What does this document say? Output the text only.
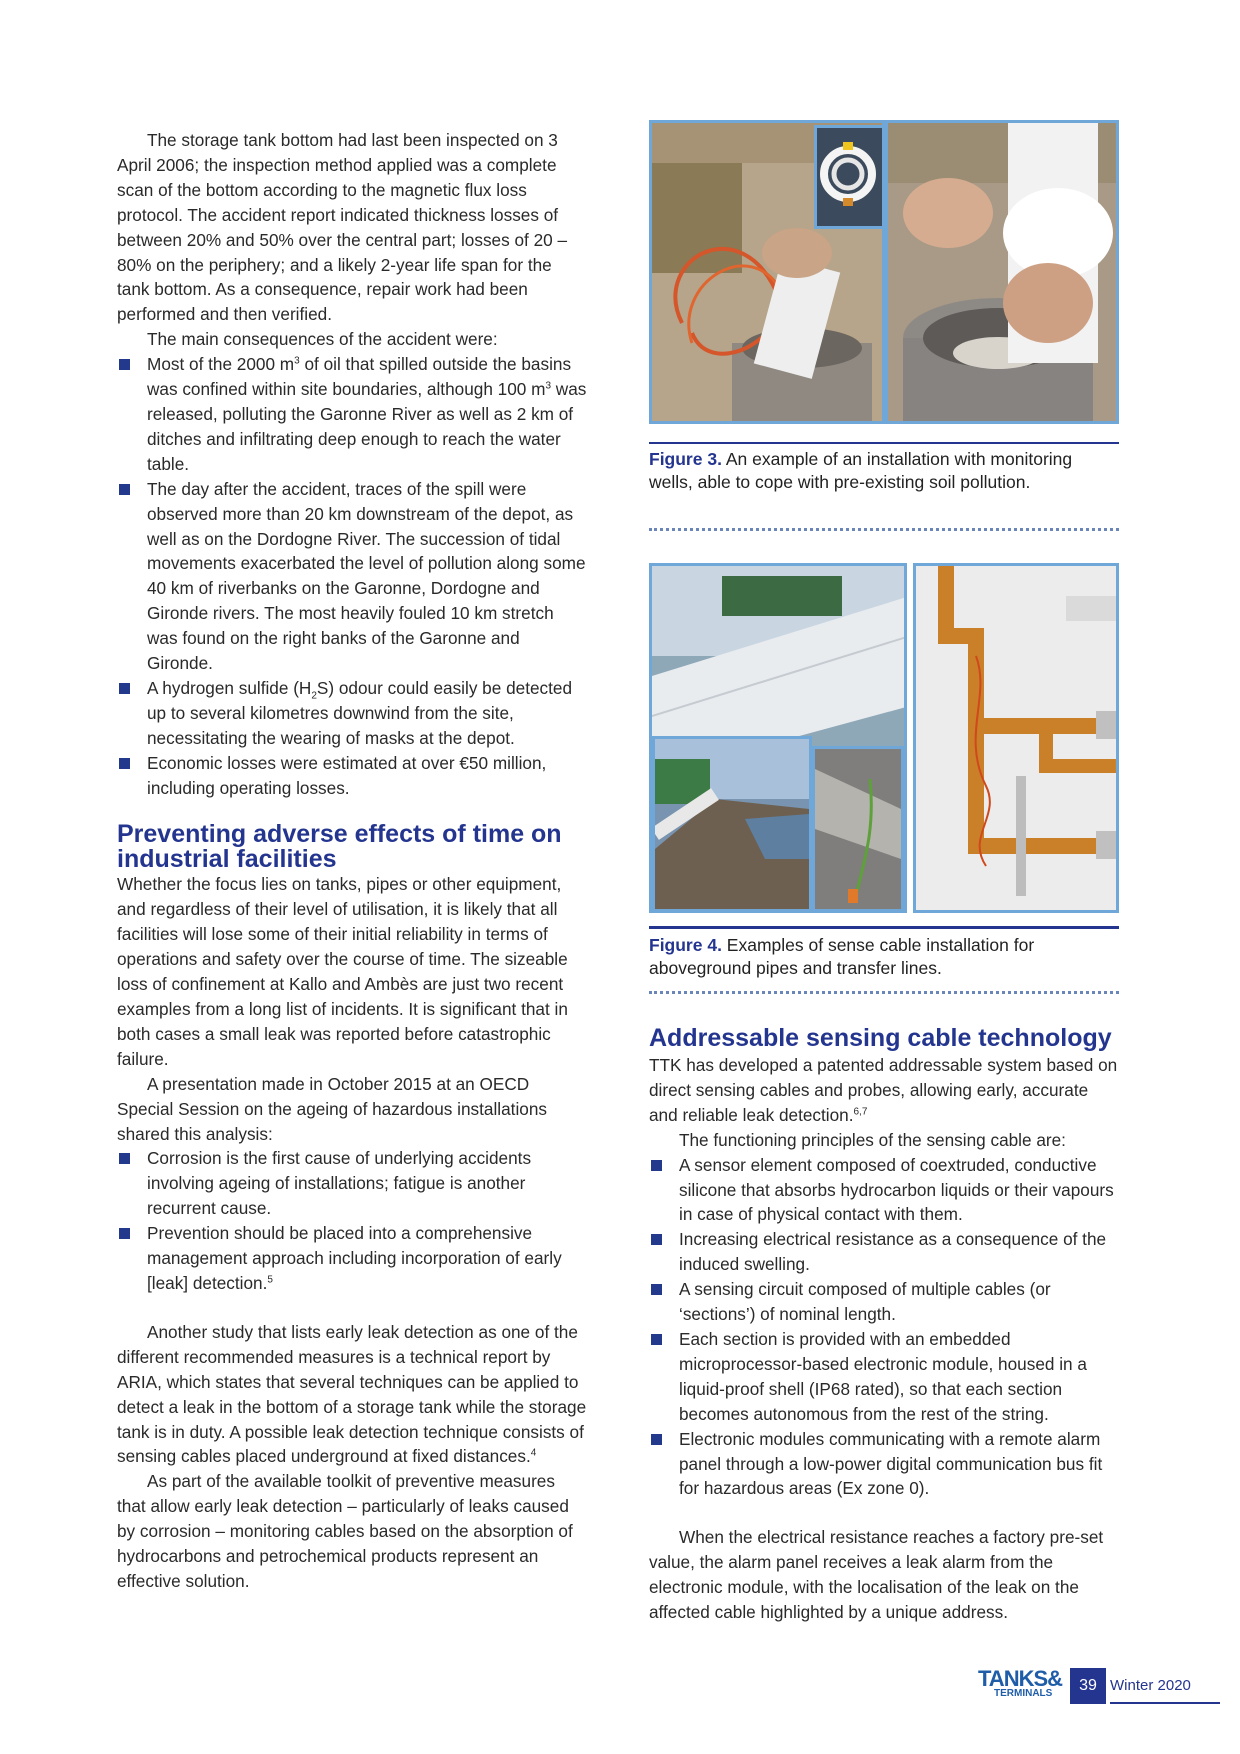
The storage tank bottom had last been inspected on 3 April 2006; the inspection method applied was a complete scan of the bottom according to the magnetic flux loss protocol. The accident report indicated thickness losses of between 20% and 50% over the central part; losses of 20 – 80% on the periphery; and a likely 2-year life span for the tank bottom. As a consequence, repair work had been performed and then verified.

The main consequences of the accident were:

Most of the 2000 $m^3$ of oil that spilled outside the basins was confined within site boundaries, although 100 $m^3$ was released, polluting the Garonne River as well as 2 km of ditches and infiltrating deep enough to reach the water table.
The day after the accident, traces of the spill were observed more than 20 km downstream of the depot, as well as on the Dordogne River. The succession of tidal movements exacerbated the level of pollution along some 40 km of riverbanks on the Garonne, Dordogne and Gironde rivers. The most heavily fouled 10 km stretch was found on the right banks of the Garonne and Gironde.
A hydrogen sulfide $(H_2S)$ odour could easily be detected up to several kilometres downwind from the site, necessitating the wearing of masks at the depot.
Economic losses were estimated at over €50 million, including operating losses.
Preventing adverse effects of time on industrial facilities

Whether the focus lies on tanks, pipes or other equipment, and regardless of their level of utilisation, it is likely that all facilities will lose some of their initial reliability in terms of operations and safety over the course of time. The sizeable loss of confinement at Kallo and Ambès are just two recent examples from a long list of incidents. It is significant that in both cases a small leak was reported before catastrophic failure.

A presentation made in October 2015 at an OECD Special Session on the ageing of hazardous installations shared this analysis:

Corrosion is the first cause of underlying accidents involving ageing of installations; fatigue is another recurrent cause.
Prevention should be placed into a comprehensive management approach including incorporation of early [leak] detection.$^5$

Another study that lists early leak detection as one of the different recommended measures is a technical report by ARIA, which states that several techniques can be applied to detect a leak in the bottom of a storage tank while the storage tank is in duty. A possible leak detection technique consists of sensing cables placed underground at fixed distances.$^4$

As part of the available toolkit of preventive measures that allow early leak detection – particularly of leaks caused by corrosion – monitoring cables based on the absorption of hydrocarbons and petrochemical products represent an effective solution.

Figure 3. An example of an installation with monitoring wells, able to cope with pre-existing soil pollution.
Figure 4. Examples of sense cable installation for aboveground pipes and transfer lines.
Addressable sensing cable technology

TTK has developed a patented addressable system based on direct sensing cables and probes, allowing early, accurate and reliable leak detection.$^{6,7}$

The functioning principles of the sensing cable are:

A sensor element composed of coextruded, conductive silicone that absorbs hydrocarbon liquids or their vapours in case of physical contact with them.
Increasing electrical resistance as a consequence of the induced swelling.
A sensing circuit composed of multiple cables (or ‘sections’) of nominal length.
Each section is provided with an embedded microprocessor-based electronic module, housed in a liquid-proof shell (IP68 rated), so that each section becomes autonomous from the rest of the string.
Electronic modules communicating with a remote alarm panel through a low-power digital communication bus fit for hazardous areas (Ex zone 0).

When the electrical resistance reaches a factory pre-set value, the alarm panel receives a leak alarm from the electronic module, with the localisation of the leak on the affected cable highlighted by a unique address.

TANKS&
TERMINALS	39 Winter 2020
